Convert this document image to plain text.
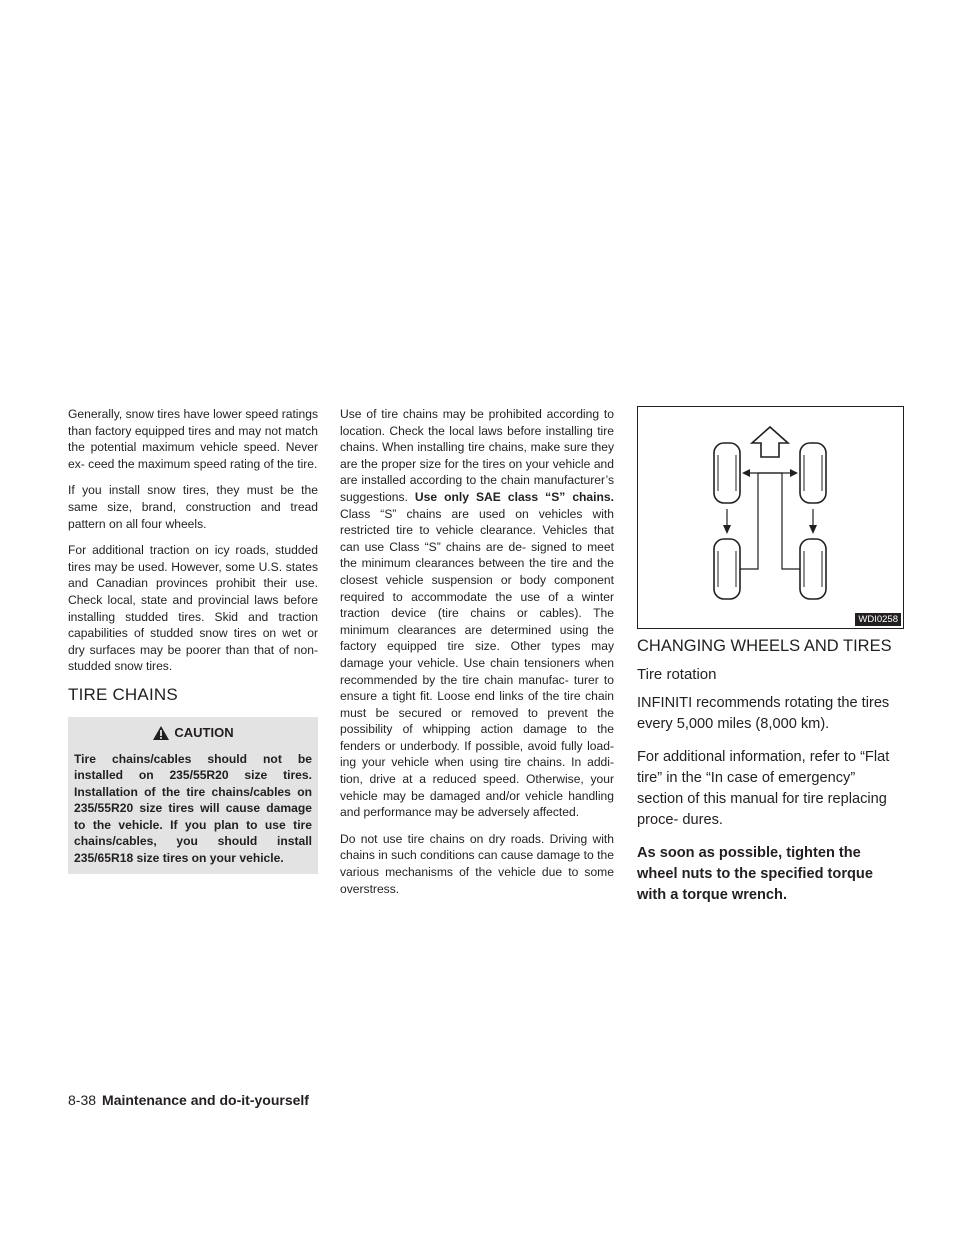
Generally, snow tires have lower speed ratings than factory equipped tires and may not match the potential maximum vehicle speed. Never ex- ceed the maximum speed rating of the tire.

If you install snow tires, they must be the same size, brand, construction and tread pattern on all four wheels.

For additional traction on icy roads, studded tires may be used. However, some U.S. states and Canadian provinces prohibit their use. Check local, state and provincial laws before installing studded tires. Skid and traction capabilities of studded snow tires on wet or dry surfaces may be poorer than that of non-studded snow tires.

TIRE CHAINS
CAUTION

Tire chains/cables should not be installed on 235/55R20 size tires. Installation of the tire chains/cables on 235/55R20 size tires will cause damage to the vehicle. If you plan to use tire chains/cables, you should install 235/65R18 size tires on your vehicle.

Use of tire chains may be prohibited according to location. Check the local laws before installing tire chains. When installing tire chains, make sure they are the proper size for the tires on your vehicle and are installed according to the chain manufacturer’s suggestions. Use only SAE class “S” chains. Class “S” chains are used on vehicles with restricted tire to vehicle clearance. Vehicles that can use Class “S” chains are de- signed to meet the minimum clearances between the tire and the closest vehicle suspension or body component required to accommodate the use of a winter traction device (tire chains or cables). The minimum clearances are determined using the factory equipped tire size. Other types may damage your vehicle. Use chain tensioners when recommended by the tire chain manufac- turer to ensure a tight fit. Loose end links of the tire chain must be secured or removed to prevent the possibility of whipping action damage to the fenders or underbody. If possible, avoid fully load- ing your vehicle when using tire chains. In addi- tion, drive at a reduced speed. Otherwise, your vehicle may be damaged and/or vehicle handling and performance may be adversely affected.

Do not use tire chains on dry roads. Driving with chains in such conditions can cause damage to the various mechanisms of the vehicle due to some overstress.

WDI0258
CHANGING WHEELS AND TIRES
Tire rotation

INFINITI recommends rotating the tires every 5,000 miles (8,000 km).

For additional information, refer to “Flat tire” in the “In case of emergency” section of this manual for tire replacing proce- dures.

As soon as possible, tighten the wheel nuts to the specified torque with a torque wrench.

8-38 Maintenance and do-it-yourself
